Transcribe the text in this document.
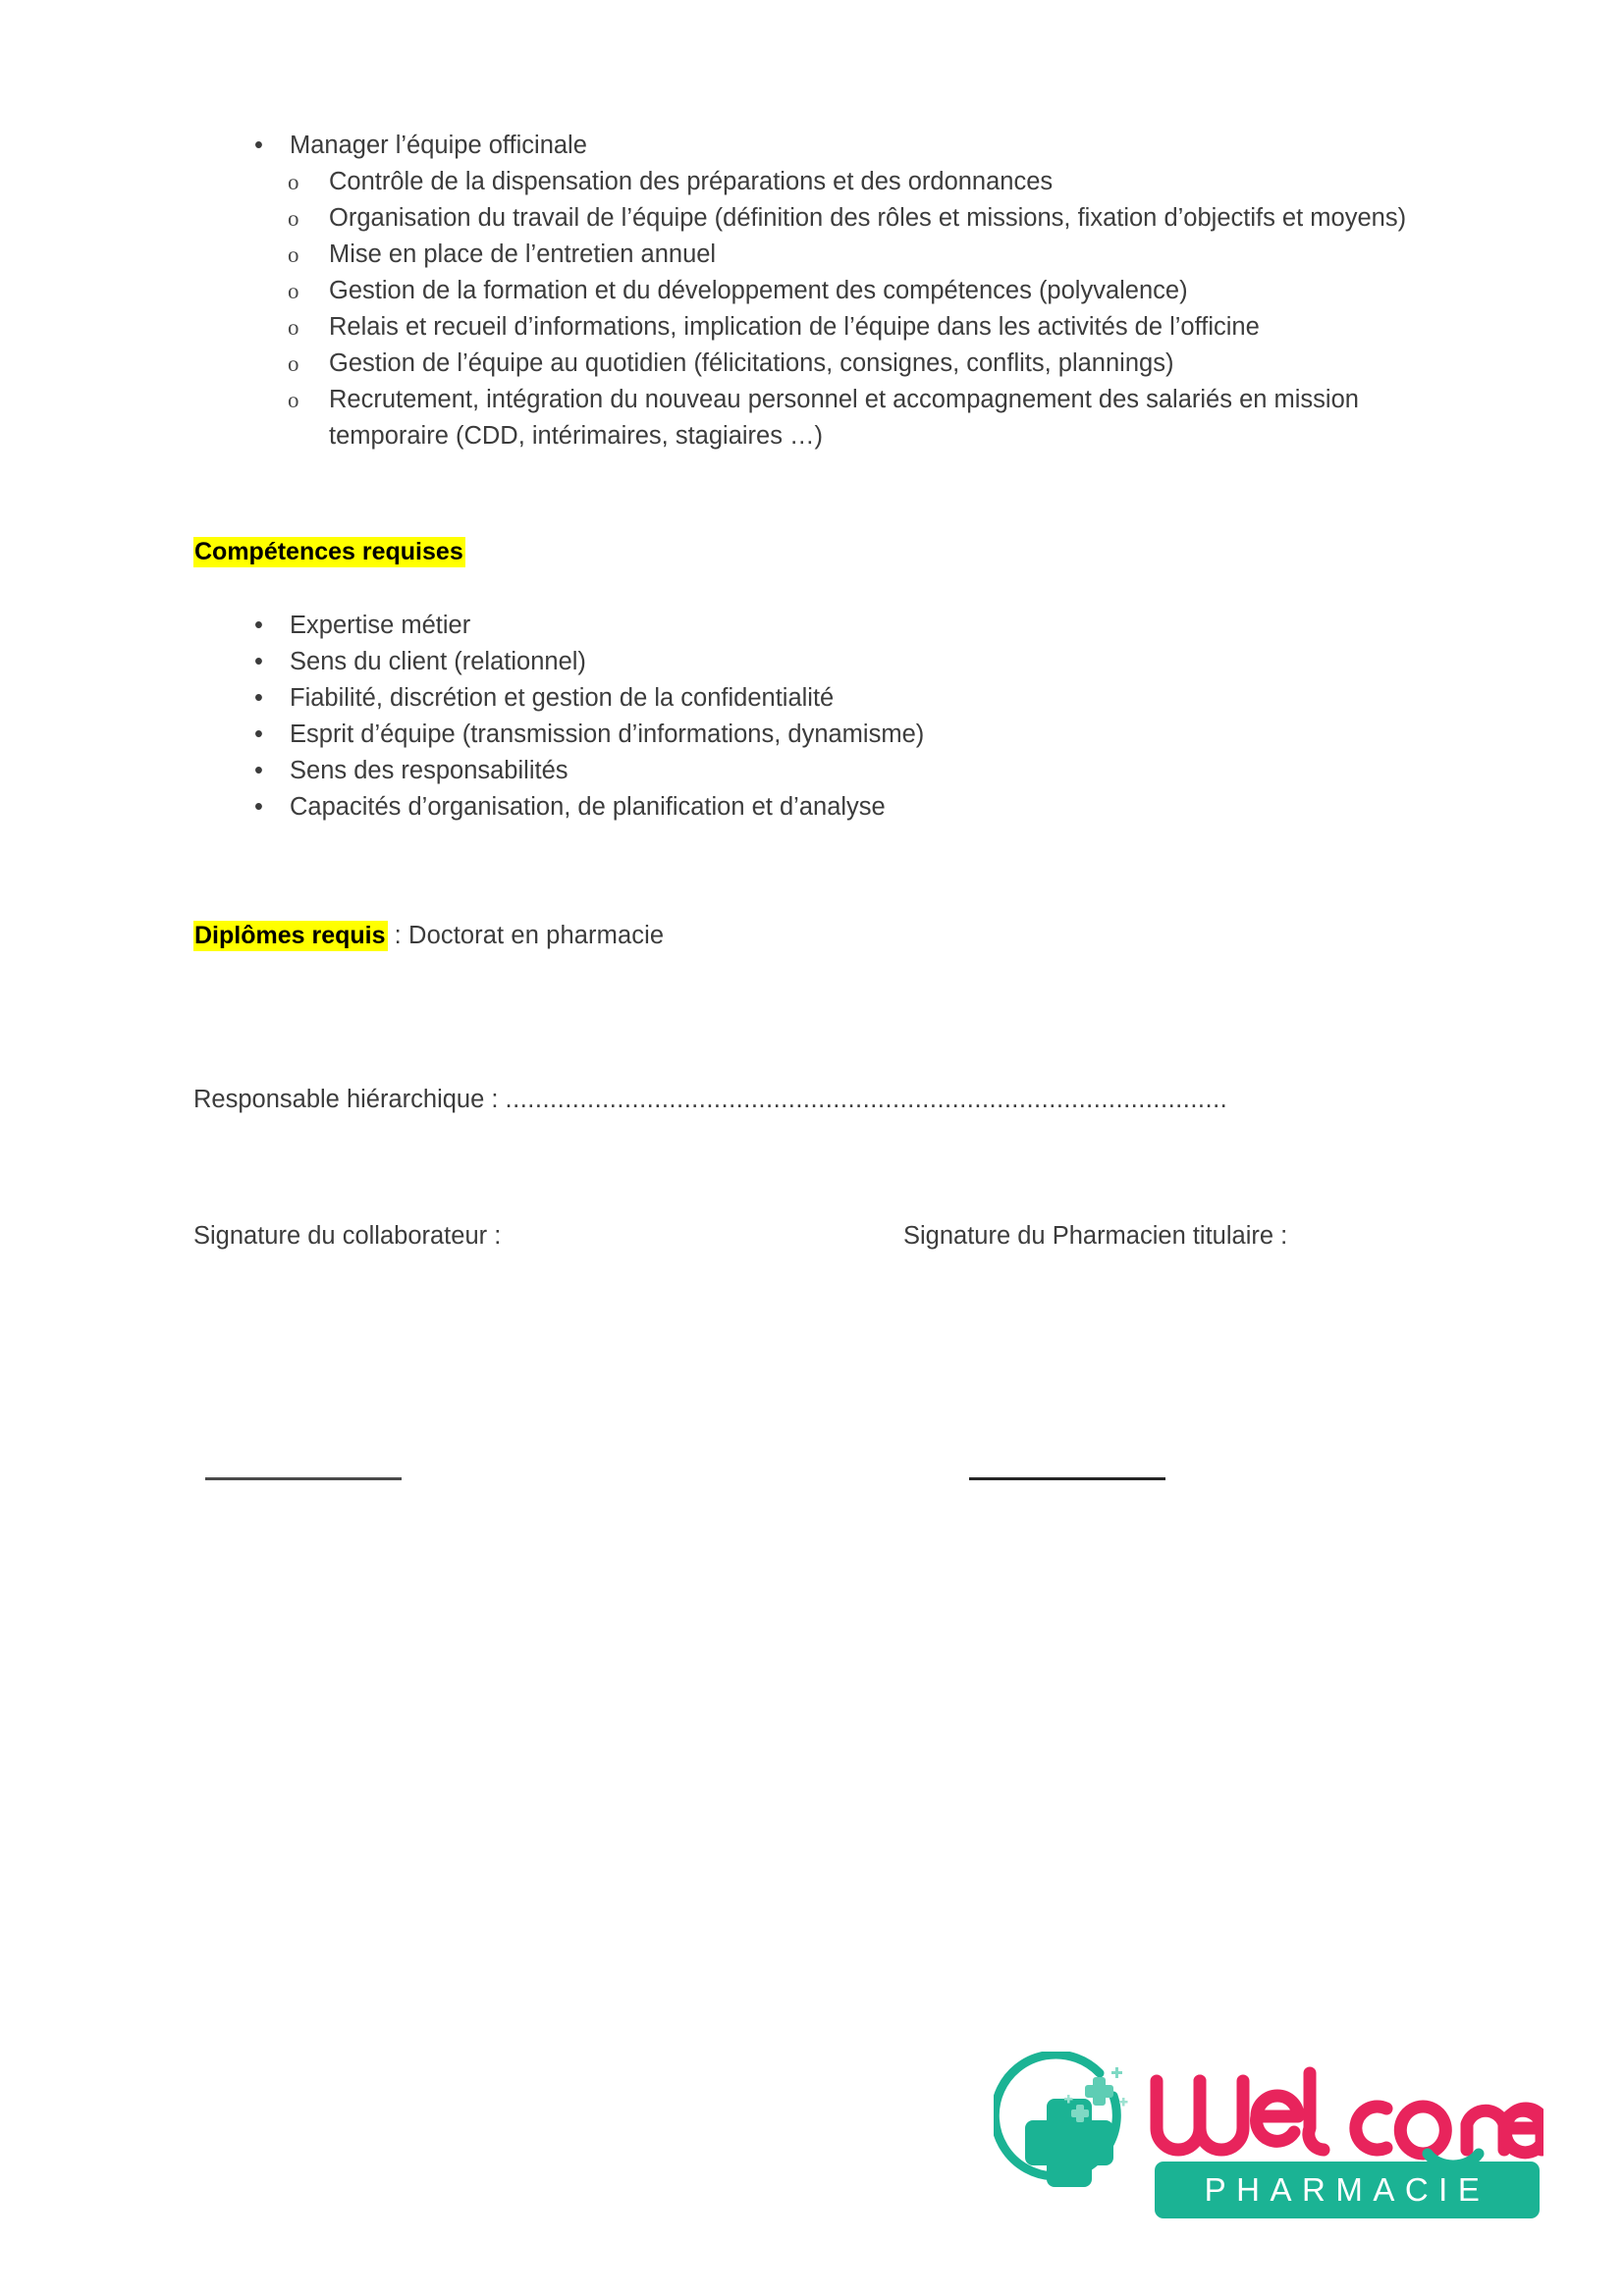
• Manager l’équipe officinale
o Contrôle de la dispensation des préparations et des ordonnances
o Organisation du travail de l’équipe (définition des rôles et missions, fixation d’objectifs et moyens)
o Mise en place de l’entretien annuel
o Gestion de la formation et du développement des compétences (polyvalence)
o Relais et recueil d’informations, implication de l’équipe dans les activités de l’officine
o Gestion de l’équipe au quotidien (félicitations, consignes, conflits, plannings)
o Recrutement, intégration du nouveau personnel et accompagnement des salariés en mission temporaire (CDD, intérimaires, stagiaires …)

Compétences requises

• Expertise métier
• Sens du client (relationnel)
• Fiabilité, discrétion et gestion de la confidentialité
• Esprit d’équipe (transmission d’informations, dynamisme)
• Sens des responsabilités
• Capacités d’organisation, de planification et d’analyse

Diplômes requis : Doctorat en pharmacie

Responsable hiérarchique : .................................................................................................
Signature du collaborateur :	Signature du Pharmacien titulaire :
PHARMACIE
